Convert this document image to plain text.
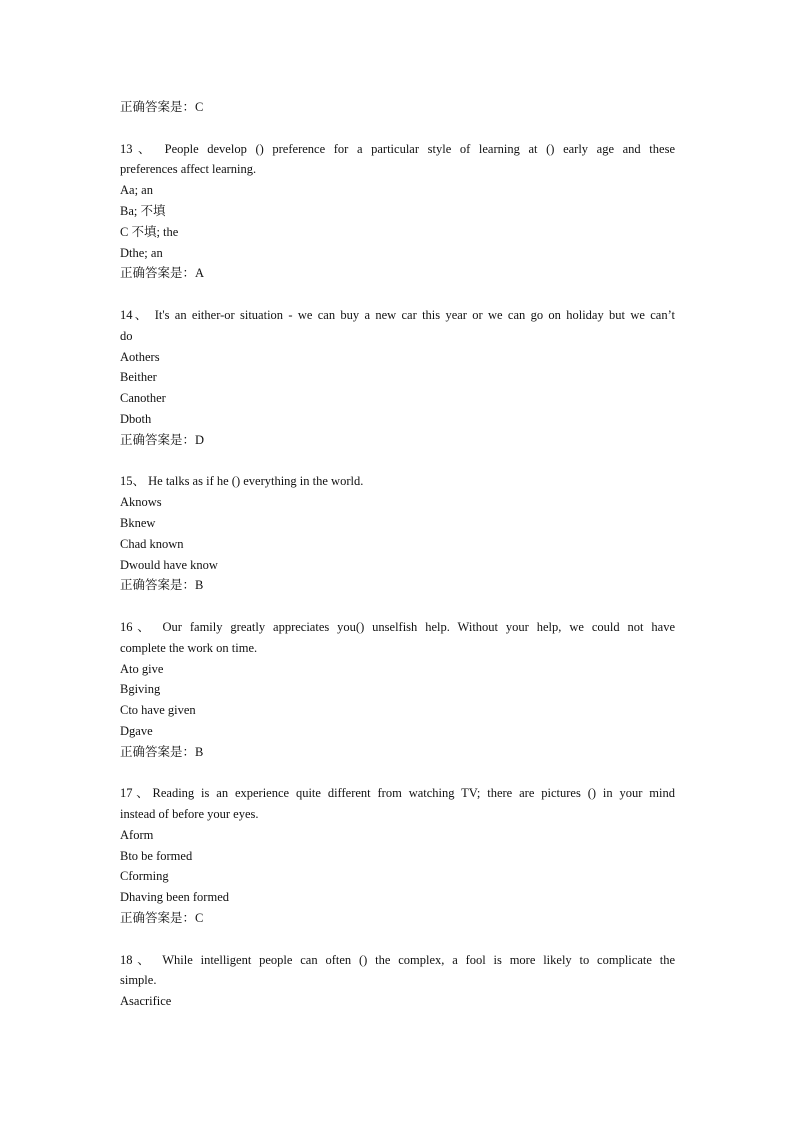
正确答案是：C
13、 People develop () preference for a particular style of learning at () early age and these
preferences affect learning.
Aa; an
Ba; 不填
C 不填; the
Dthe; an
正确答案是：A
14、 It's an either-or situation - we can buy a new car this year or we can go on holiday but we can’t
do
Aothers
Beither
Canother
Dboth
正确答案是：D
15、 He talks as if he () everything in the world.
Aknows
Bknew
Chad known
Dwould have know
正确答案是：B
16、 Our family greatly appreciates you() unselfish help. Without your help, we could not have
complete the work on time.
Ato give
Bgiving
Cto have given
Dgave
正确答案是：B
17、Reading is an experience quite different from watching TV; there are pictures () in your mind
instead of before your eyes.
Aform
Bto be formed
Cforming
Dhaving been formed
正确答案是：C
18、 While intelligent people can often () the complex, a fool is more likely to complicate the
simple.
Asacrifice
